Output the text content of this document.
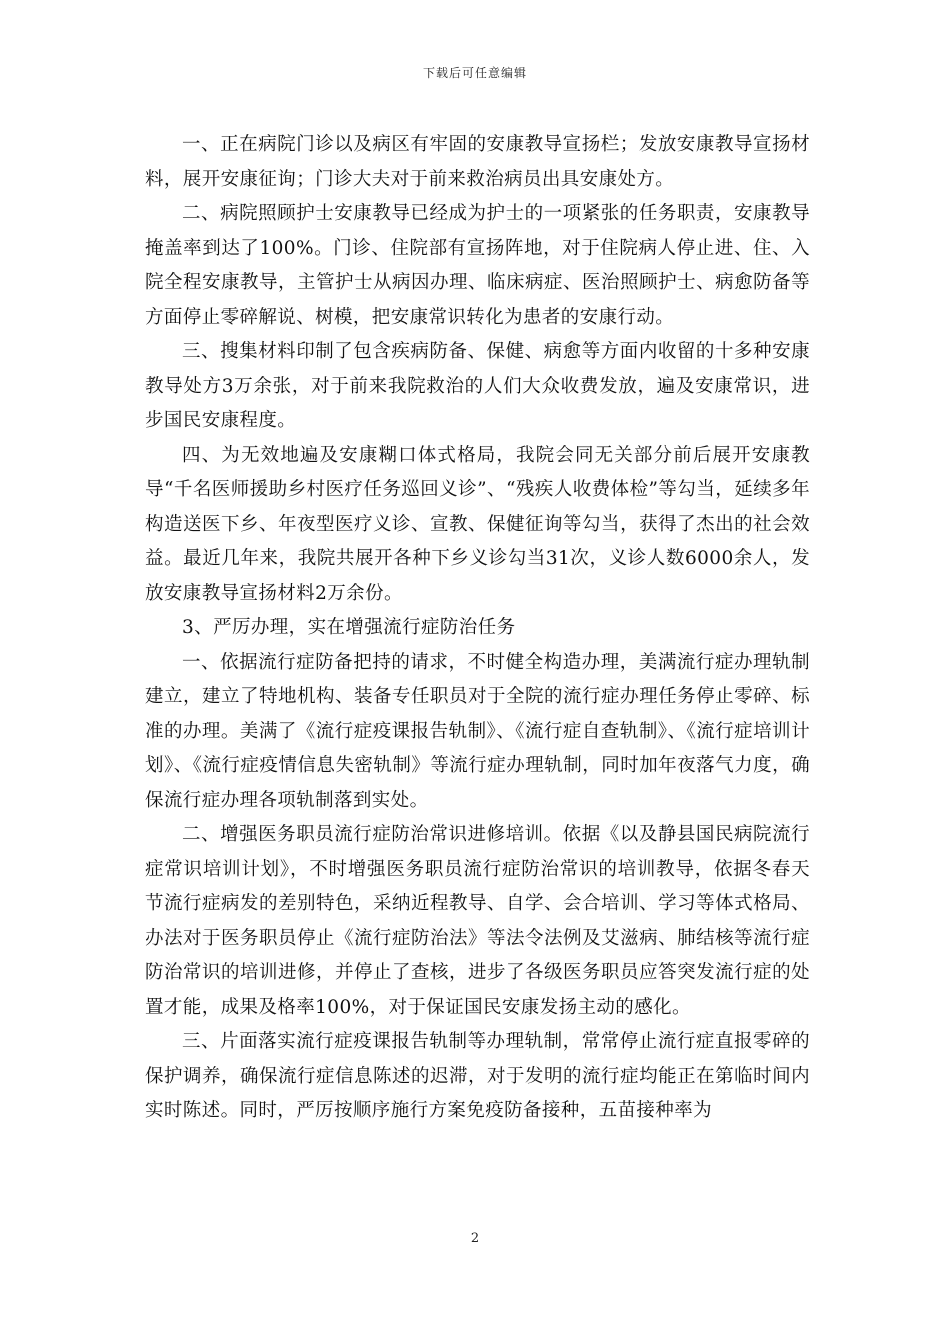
下载后可任意编辑

一、正在病院门诊以及病区有牢固的安康教导宣扬栏；发放安康教导宣扬材料，展开安康征询；门诊大夫对于前来救治病员出具安康处方。

二、病院照顾护士安康教导已经成为护士的一项紧张的任务职责，安康教导掩盖率到达了100%。门诊、住院部有宣扬阵地，对于住院病人停止进、住、入院全程安康教导，主管护士从病因办理、临床病症、医治照顾护士、病愈防备等方面停止零碎解说、树模，把安康常识转化为患者的安康行动。

三、搜集材料印制了包含疾病防备、保健、病愈等方面内收留的十多种安康教导处方3万余张，对于前来我院救治的人们大众收费发放，遍及安康常识，进步国民安康程度。

四、为无效地遍及安康糊口体式格局，我院会同无关部分前后展开安康教导“千名医师援助乡村医疗任务巡回义诊”、“残疾人收费体检”等勾当，延续多年构造送医下乡、年夜型医疗义诊、宣教、保健征询等勾当，获得了杰出的社会效益。最近几年来，我院共展开各种下乡义诊勾当31次，义诊人数6000余人，发放安康教导宣扬材料2万余份。

3、严厉办理，实在增强流行症防治任务

一、依据流行症防备把持的请求，不时健全构造办理，美满流行症办理轨制建立，建立了特地机构、装备专任职员对于全院的流行症办理任务停止零碎、标准的办理。美满了《流行症疫课报告轨制》、《流行症自查轨制》、《流行症培训计划》、《流行症疫情信息失密轨制》等流行症办理轨制，同时加年夜落气力度，确保流行症办理各项轨制落到实处。

二、增强医务职员流行症防治常识进修培训。依据《以及静县国民病院流行症常识培训计划》，不时增强医务职员流行症防治常识的培训教导，依据冬春天节流行症病发的差别特色，采纳近程教导、自学、会合培训、学习等体式格局、办法对于医务职员停止《流行症防治法》等法令法例及艾滋病、肺结核等流行症防治常识的培训进修，并停止了查核，进步了各级医务职员应答突发流行症的处置才能，成果及格率100%，对于保证国民安康发扬主动的感化。

三、片面落实流行症疫课报告轨制等办理轨制，常常停止流行症直报零碎的保护调养，确保流行症信息陈述的迟滞，对于发明的流行症均能正在第临时间内实时陈述。同时，严厉按顺序施行方案免疫防备接种，五苗接种率为

2
